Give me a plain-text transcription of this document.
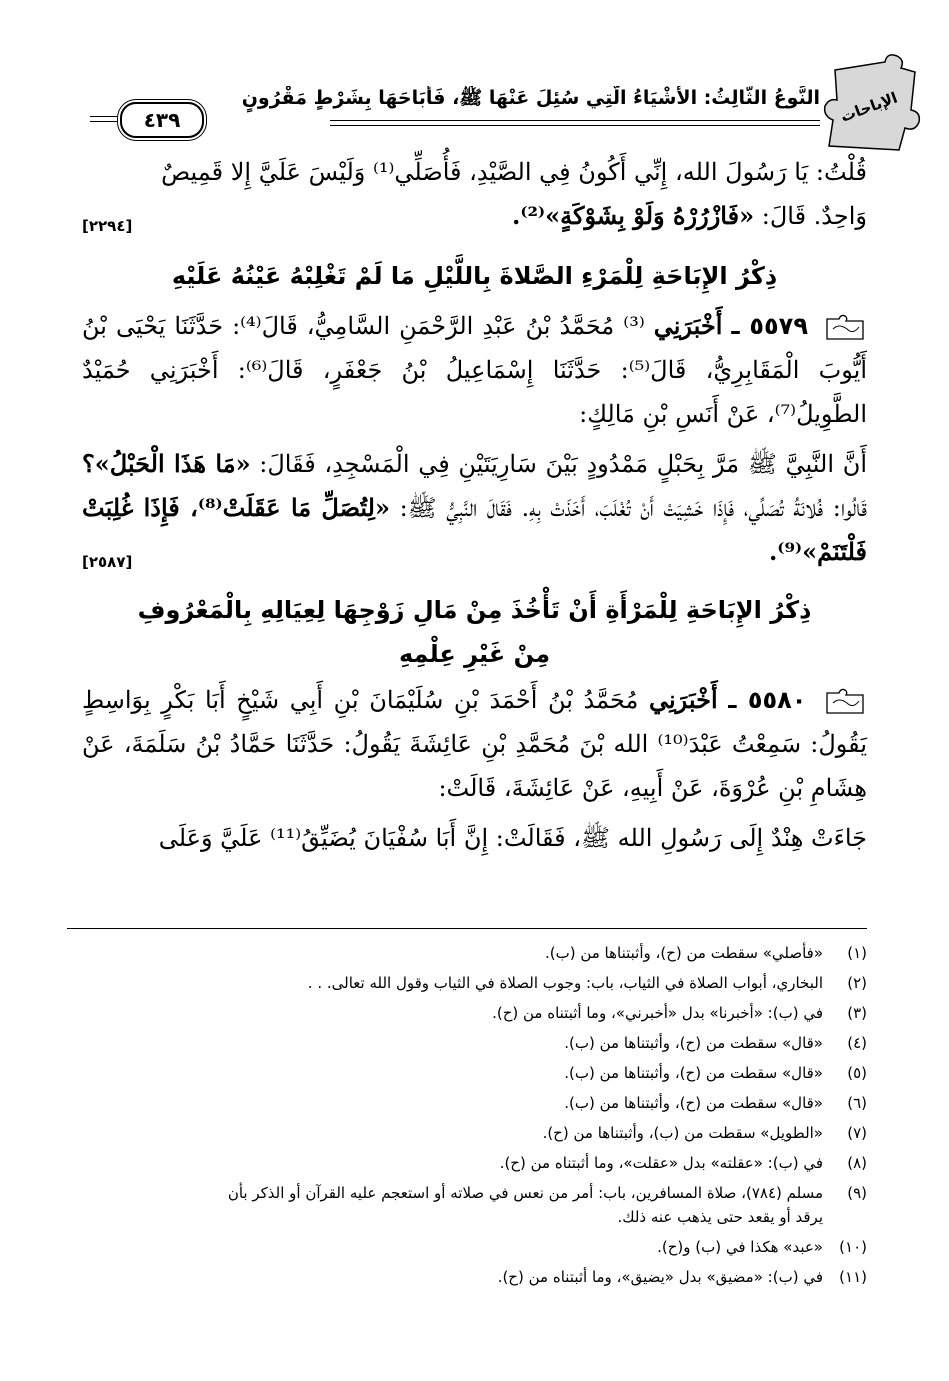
النَّوعُ الثَّالِثُ: الأَشْيَاءُ الَّتِي سُئِلَ عَنْهَا ﷺ، فَأَبَاحَهَا بِشَرْطٍ مَقْرُونٍ
٤٣٩	الإباحات

قُلْتُ: يَا رَسُولَ الله، إِنِّي أَكُونُ فِي الصَّيْدِ، فَأُصَلِّي⁽¹⁾ وَلَيْسَ عَلَيَّ إِلا قَمِيصٌ

وَاحِدٌ. قَالَ: «فَازْرُرْهُ وَلَوْ بِشَوْكَةٍ»⁽²⁾.
[٢٢٩٤]

ذِكْرُ الإِبَاحَةِ لِلْمَرْءِ الصَّلاةَ بِاللَّيْلِ مَا لَمْ تَغْلِبْهُ عَيْنُهُ عَلَيْهِ

٥٥٧٩ ـ أَخْبَرَنِي ⁽³⁾ مُحَمَّدُ بْنُ عَبْدِ الرَّحْمَنِ السَّامِيُّ، قَالَ⁽⁴⁾: حَدَّثَنَا يَحْيَى بْنُ أَيُّوبَ الْمَقَابِرِيُّ، قَالَ⁽⁵⁾: حَدَّثَنَا إِسْمَاعِيلُ بْنُ جَعْفَرٍ، قَالَ⁽⁶⁾: أَخْبَرَنِي حُمَيْدٌ الطَّوِيلُ⁽⁷⁾، عَنْ أَنَسِ بْنِ مَالِكٍ:

أَنَّ النَّبِيَّ ﷺ مَرَّ بِحَبْلٍ مَمْدُودٍ بَيْنَ سَارِيَتَيْنِ فِي الْمَسْجِدِ، فَقَالَ: «مَا هَذَا الْحَبْلُ»؟ قَالُوا: فُلانَةُ تُصَلِّي، فَإِذَا خَشِيَتْ أَنْ تُغْلَبَ، أَخَذَتْ بِهِ. فَقَالَ النَّبِيُّ ﷺ: «لِتُصَلِّ مَا عَقَلَتْ⁽⁸⁾، فَإِذَا غُلِبَتْ فَلْتَنَمْ»⁽⁹⁾.
[٢٥٨٧]

ذِكْرُ الإِبَاحَةِ لِلْمَرْأَةِ أَنْ تَأْخُذَ مِنْ مَالِ زَوْجِهَا لِعِيَالِهِ بِالْمَعْرُوفِ

مِنْ غَيْرِ عِلْمِهِ

٥٥٨٠ ـ أَخْبَرَنِي مُحَمَّدُ بْنُ أَحْمَدَ بْنِ سُلَيْمَانَ بْنِ أَبِي شَيْخٍ أَبَا بَكْرٍ بِوَاسِطٍ يَقُولُ: سَمِعْتُ عَبْدَ⁽¹⁰⁾ الله بْنَ مُحَمَّدِ بْنِ عَائِشَةَ يَقُولُ: حَدَّثَنَا حَمَّادُ بْنُ سَلَمَةَ، عَنْ هِشَامِ بْنِ عُرْوَةَ، عَنْ أَبِيهِ، عَنْ عَائِشَةَ، قَالَتْ:

جَاءَتْ هِنْدٌ إِلَى رَسُولِ الله ﷺ، فَقَالَتْ: إِنَّ أَبَا سُفْيَانَ يُضَيِّقُ⁽¹¹⁾ عَلَيَّ وَعَلَى

(١)«فأصلي» سقطت من (ح)، وأثبتناها من (ب).

(٢)البخاري، أبواب الصلاة في الثياب، باب: وجوب الصلاة في الثياب وقول الله تعالى. . .

(٣)في (ب): «أخبرنا» بدل «أخبرني»، وما أثبتناه من (ح).

(٤)«قال» سقطت من (ح)، وأثبتناها من (ب).

(٥)«قال» سقطت من (ح)، وأثبتناها من (ب).

(٦)«قال» سقطت من (ح)، وأثبتناها من (ب).

(٧)«الطويل» سقطت من (ب)، وأثبتناها من (ح).

(٨)في (ب): «عقلته» بدل «عقلت»، وما أثبتناه من (ح).

(٩)مسلم (٧٨٤)، صلاة المسافرين، باب: أمر من نعس في صلاته أو استعجم عليه القرآن أو الذكر بأن

يرقد أو يقعد حتى يذهب عنه ذلك.

(١٠)«عبد» هكذا في (ب) و(ح).

(١١)في (ب): «مضيق» بدل «يضيق»، وما أثبتناه من (ح).
